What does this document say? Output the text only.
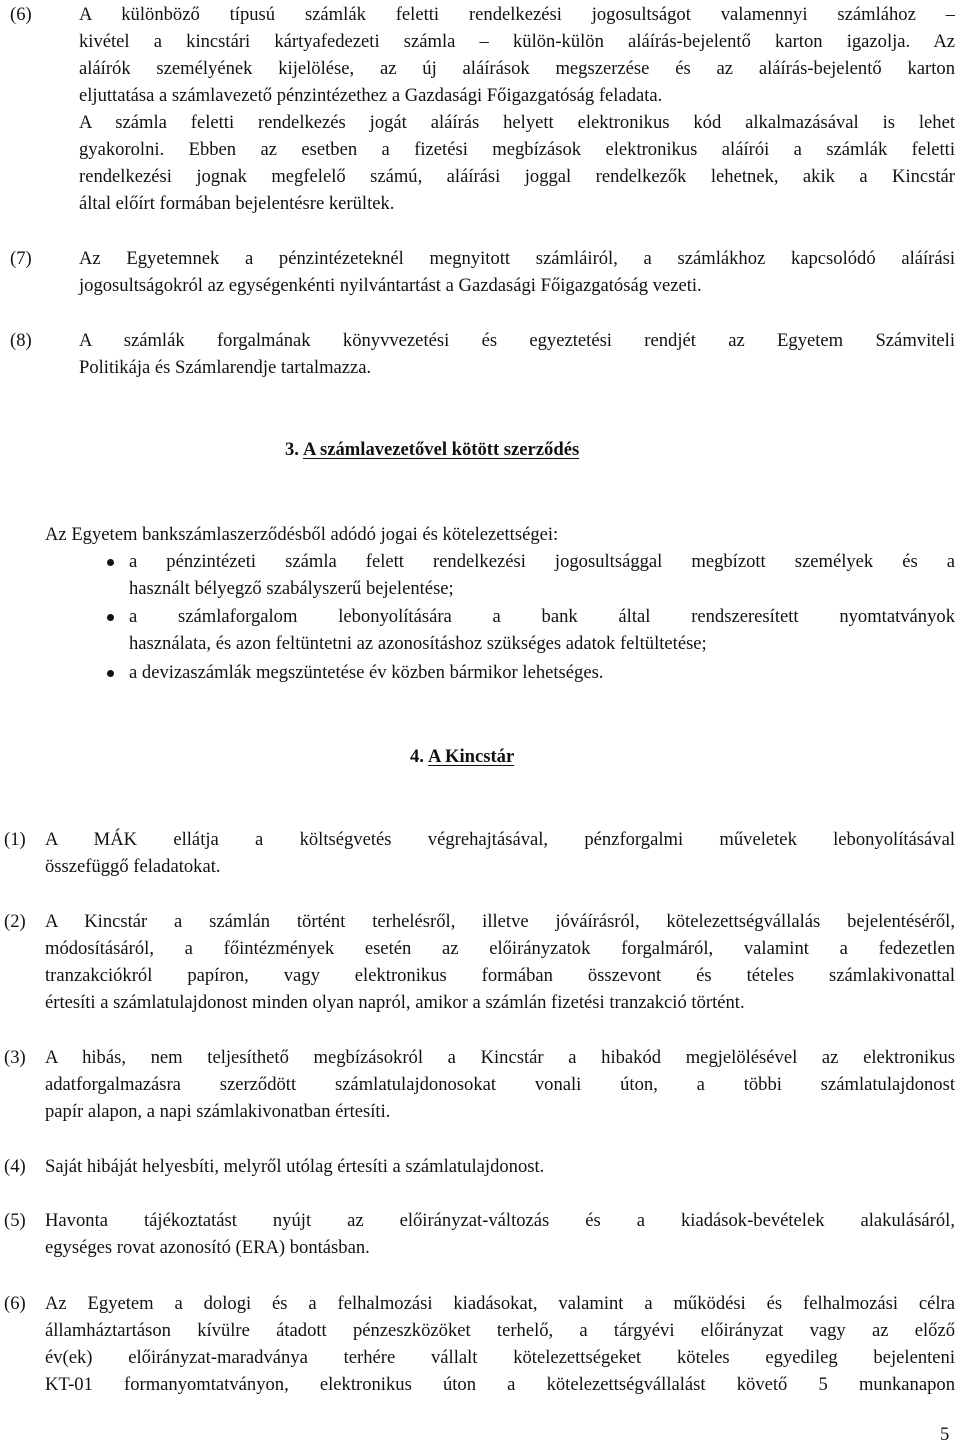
(6)	A különböző típusú számlák feletti rendelkezési jogosultságot valamennyi számlához –
kivétel a kincstári kártyafedezeti számla – külön-külön aláírás-bejelentő karton igazolja. Az
aláírók személyének kijelölése, az új aláírások megszerzése és az aláírás-bejelentő karton
eljuttatása a számlavezető pénzintézethez a Gazdasági Főigazgatóság feladata.
A számla feletti rendelkezés jogát aláírás helyett elektronikus kód alkalmazásával is lehet
gyakorolni. Ebben az esetben a fizetési megbízások elektronikus aláírói a számlák feletti
rendelkezési jognak megfelelő számú, aláírási joggal rendelkezők lehetnek, akik a Kincstár
által előírt formában bejelentésre kerültek.
(7)	Az Egyetemnek a pénzintézeteknél megnyitott számláiról, a számlákhoz kapcsolódó aláírási
jogosultságokról az egységenkénti nyilvántartást a Gazdasági Főigazgatóság vezeti.
(8)	A számlák forgalmának könyvvezetési és egyeztetési rendjét az Egyetem Számviteli
Politikája és Számlarendje tartalmazza.
3. A számlavezetővel kötött szerződés
Az Egyetem bankszámlaszerződésből adódó jogai és kötelezettségei:
a pénzintézeti számla felett rendelkezési jogosultsággal megbízott személyek és a
használt bélyegző szabályszerű bejelentése;
a számlaforgalom lebonyolítására a bank által rendszeresített nyomtatványok
használata, és azon feltüntetni az azonosításhoz szükséges adatok feltültetése;
a devizaszámlák megszüntetése év közben bármikor lehetséges.
4. A Kincstár
(1) A MÁK ellátja a költségvetés végrehajtásával, pénzforgalmi műveletek lebonyolításával
összefüggő feladatokat.
(2) A Kincstár a számlán történt terhelésről, illetve jóváírásról, kötelezettségvállalás bejelentéséről,
módosításáról, a főintézmények esetén az előirányzatok forgalmáról, valamint a fedezetlen
tranzakciókról papíron, vagy elektronikus formában összevont és tételes számlakivonattal
értesíti a számlatulajdonost minden olyan napról, amikor a számlán fizetési tranzakció történt.
(3) A hibás, nem teljesíthető megbízásokról a Kincstár a hibakód megjelölésével az elektronikus
adatforgalmazásra szerződött számlatulajdonosokat vonali úton, a többi számlatulajdonost
papír alapon, a napi számlakivonatban értesíti.
(4) Saját hibáját helyesbíti, melyről utólag értesíti a számlatulajdonost.
(5) Havonta tájékoztatást nyújt az előirányzat-változás és a kiadások-bevételek alakulásáról,
egységes rovat azonosító (ERA) bontásban.
(6) Az Egyetem a dologi és a felhalmozási kiadásokat, valamint a működési és felhalmozási célra
államháztartáson kívülre átadott pénzeszközöket terhelő, a tárgyévi előirányzat vagy az előző
év(ek) előirányzat-maradványa terhére vállalt kötelezettségeket köteles egyedileg bejelenteni
KT-01 formanyomtatványon, elektronikus úton a kötelezettségvállalást követő 5 munkanapon
5
